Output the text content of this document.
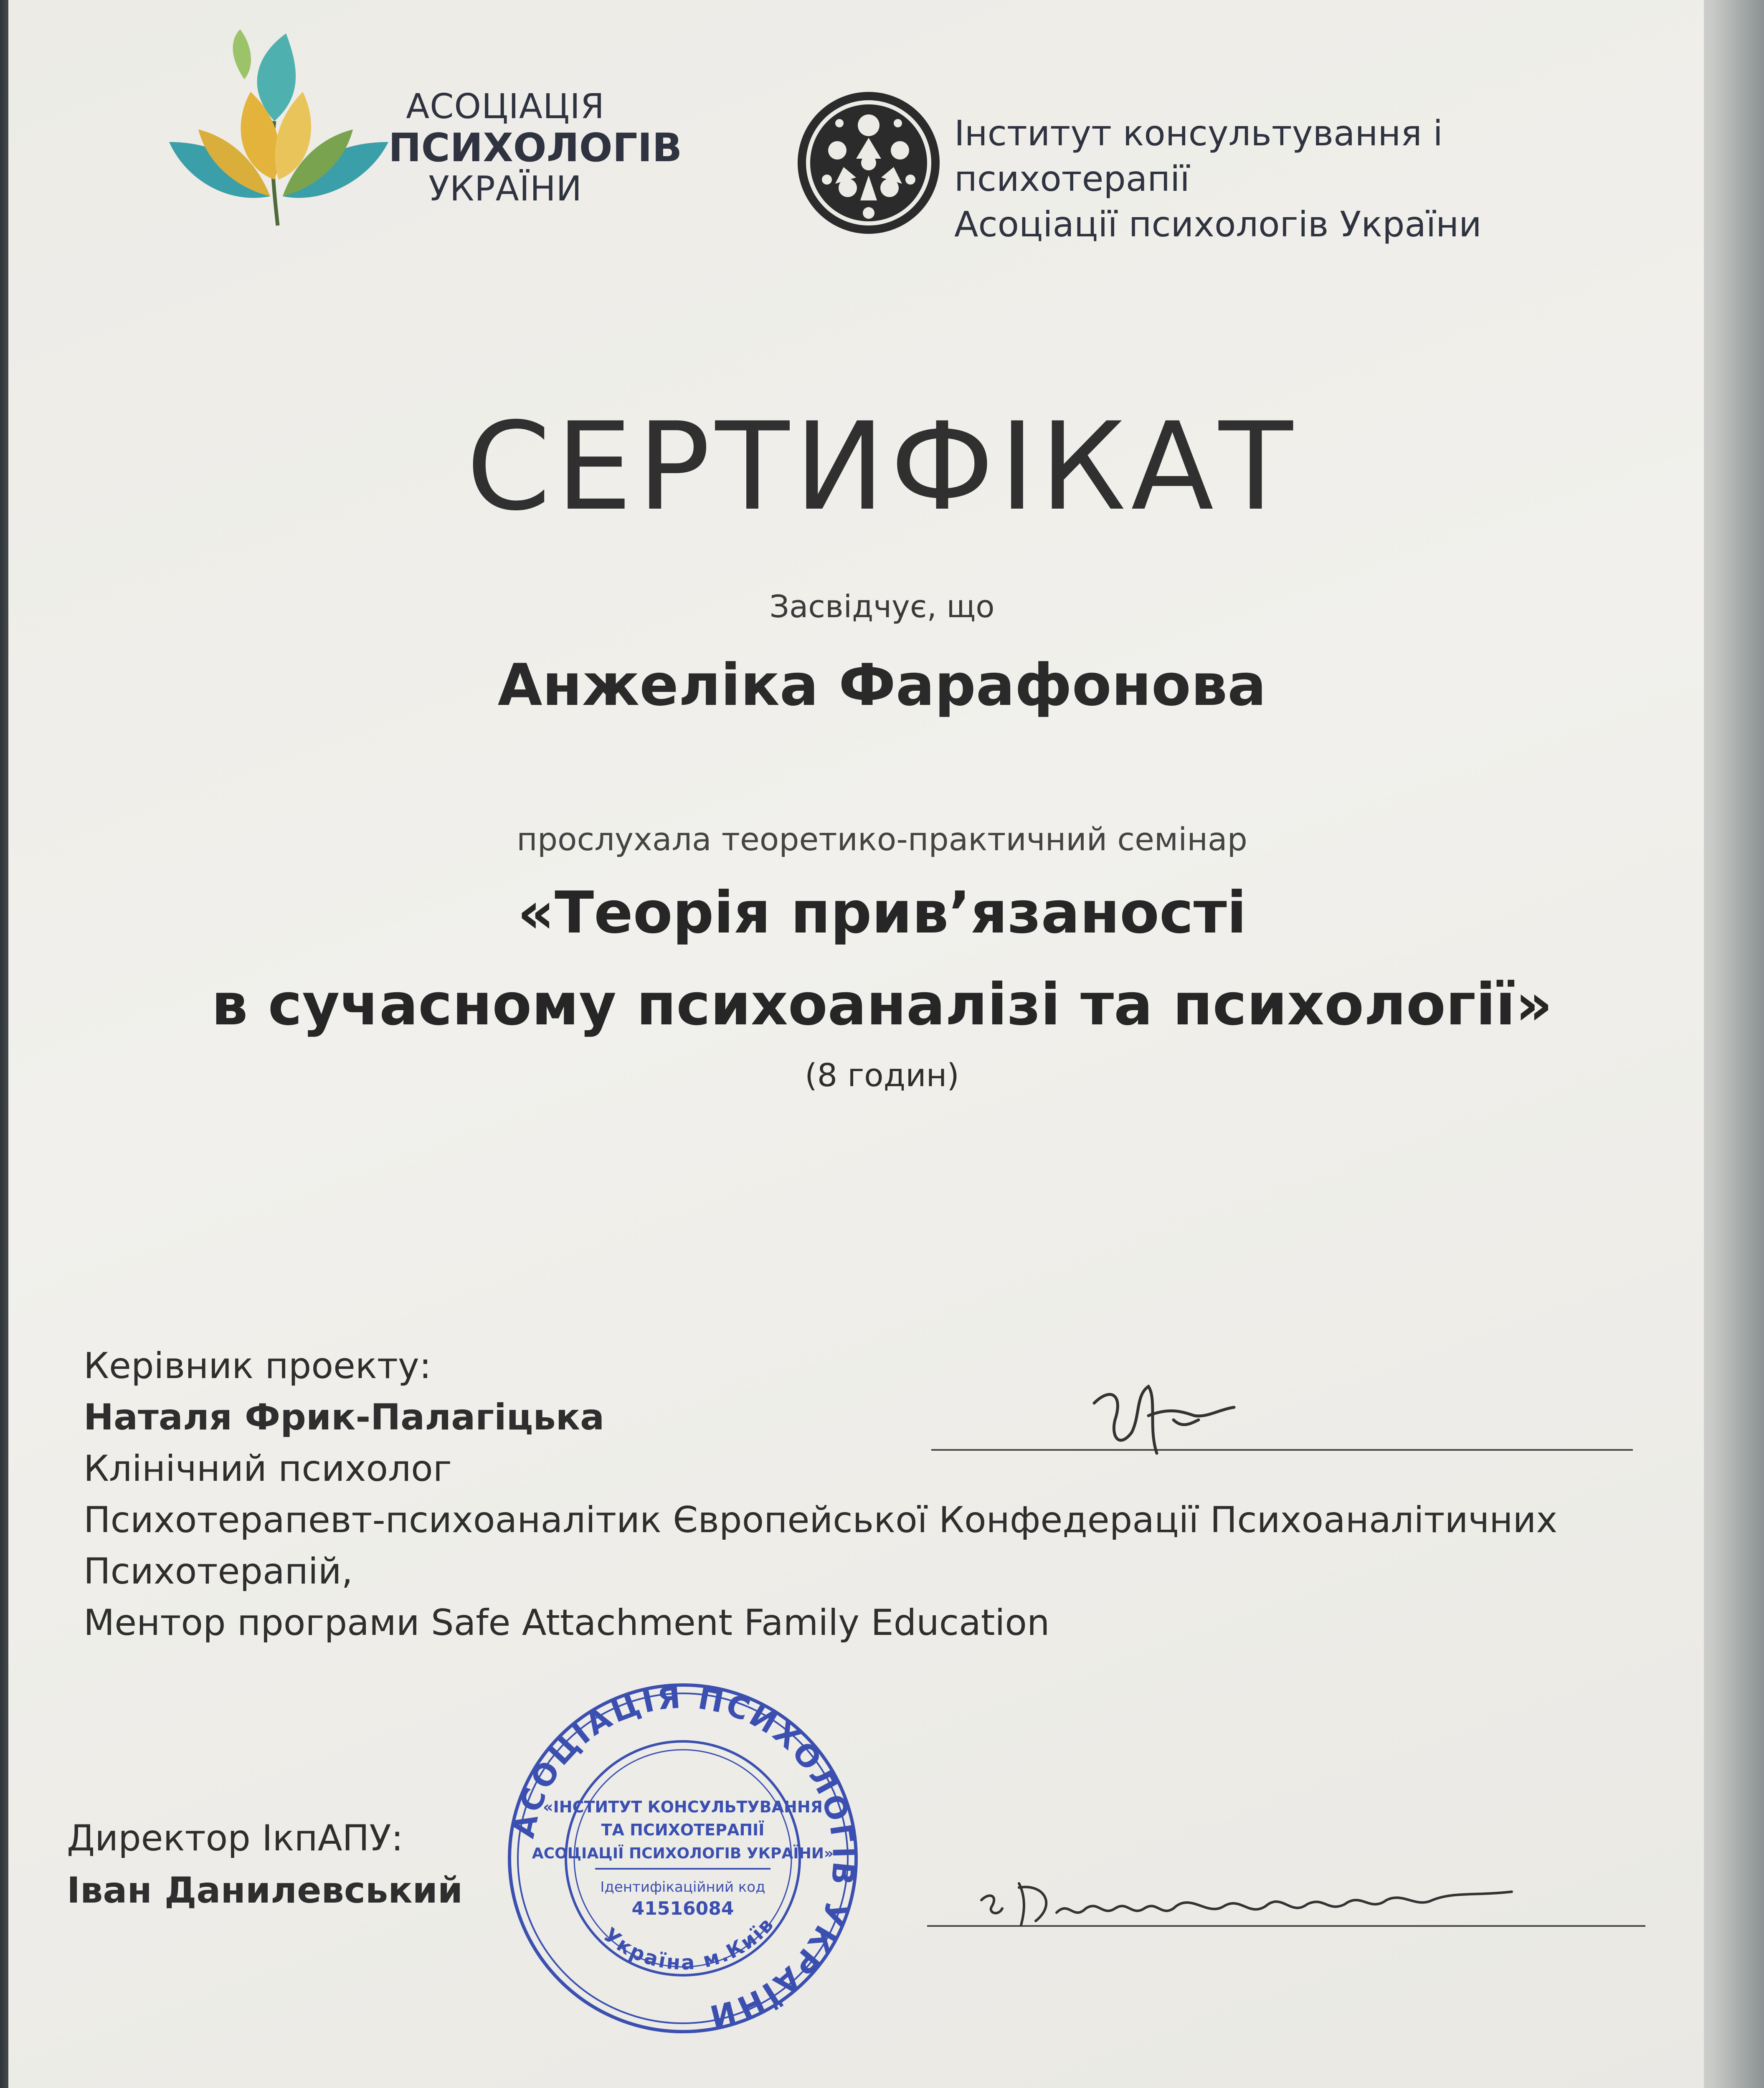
АСОЦІАЦІЯ
ПСИХОЛОГІВ
УКРАЇНИ
Інститут консультування і психотерапії
Асоціації психологів України
СЕРТИФІКАТ
Засвідчує, що
Анжеліка Фарафонова
прослухала теоретико-практичний семінар
«Теорія прив’язаності
в сучасному психоаналізі та психології»
(8 годин)
Керівник проекту:
Наталя Фрик-Палагіцька
Клінічний психолог
Психотерапевт-психоаналітик Європейської Конфедерації Психоаналітичних
Психотерапій,
Ментор програми Safe Attachment Family Education
Директор ІкпАПУ:
Іван Данилевський
АСОЦІАЦІЯ ПСИХОЛОГІВ УКРАЇНИ
Україна м.Київ
«ІНСТИТУТ КОНСУЛЬТУВАННЯ
ТА ПСИХОТЕРАПІЇ
АСОЦІАЦІЇ ПСИХОЛОГІВ УКРАЇНИ»
Ідентифікаційний код
41516084
